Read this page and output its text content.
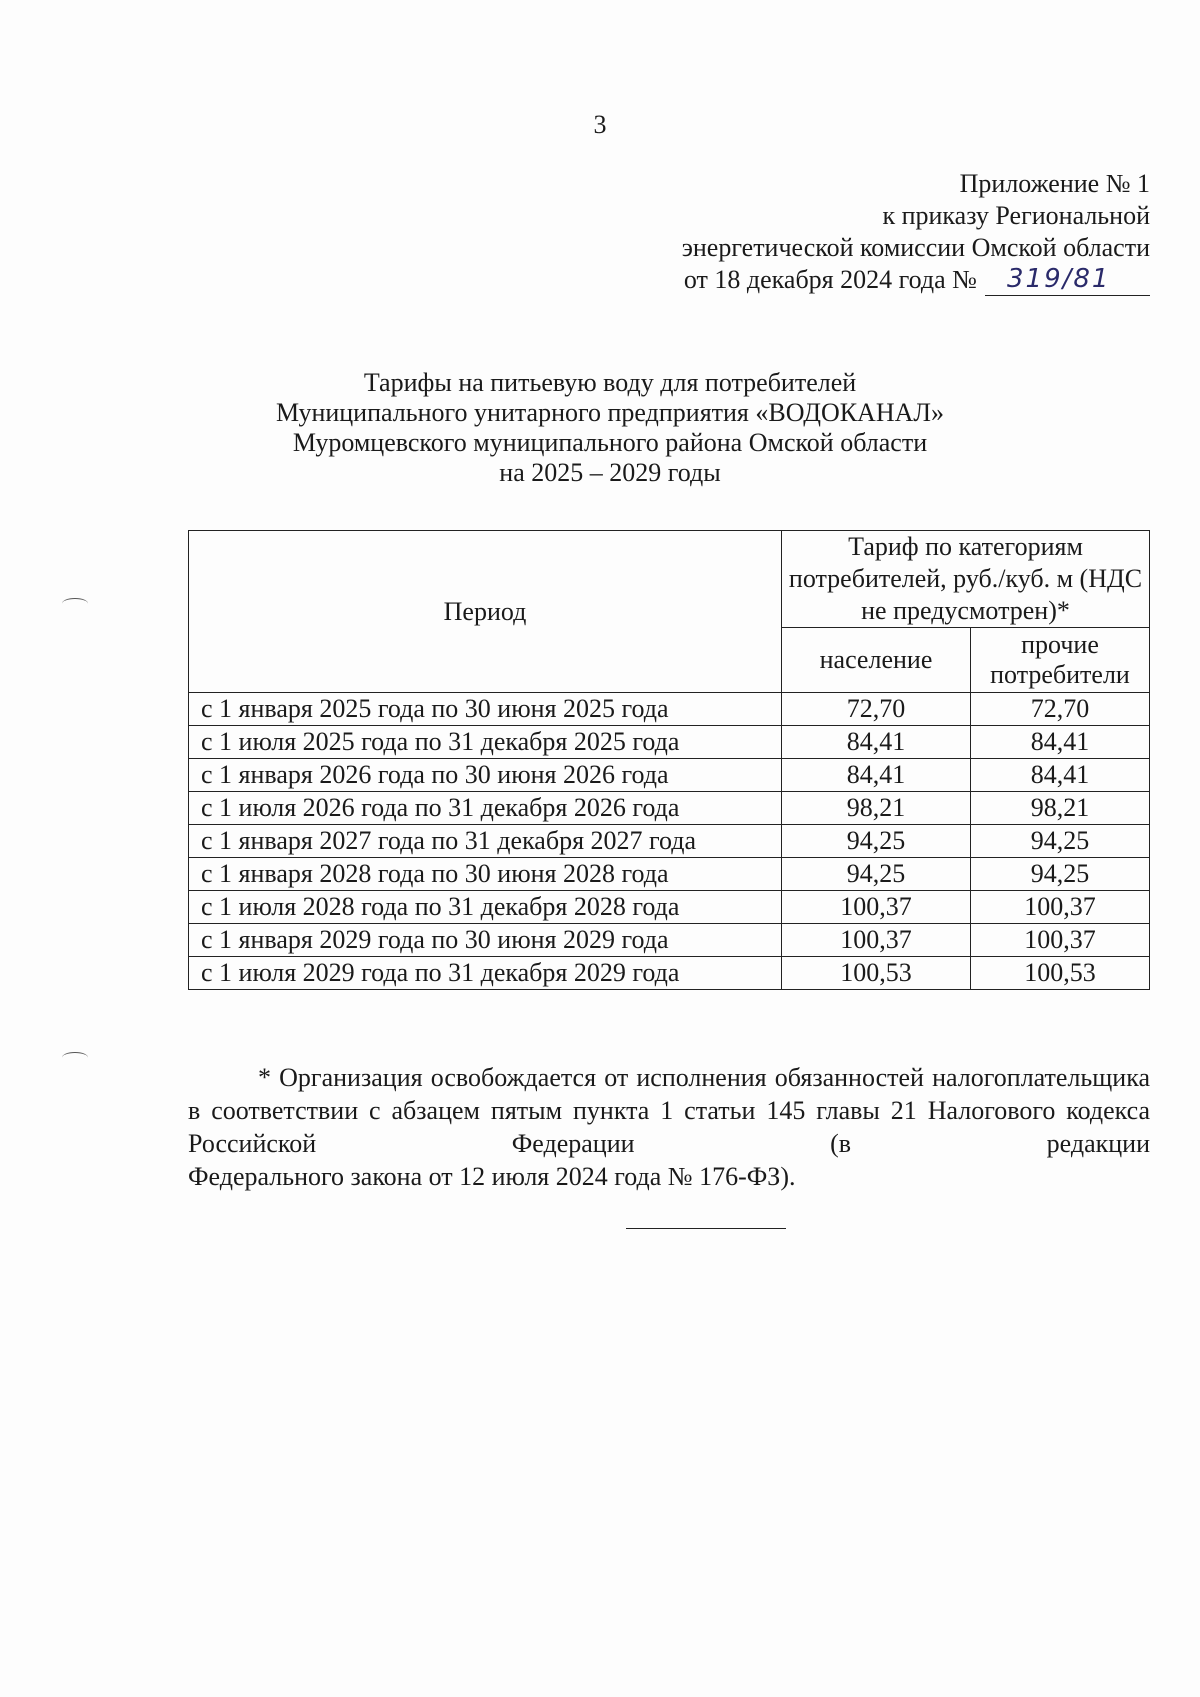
3
Приложение № 1
к приказу Региональной
энергетической комиссии Омской области
от 18 декабря 2024 года № 319/81
Тарифы на питьевую воду для потребителей
Муниципального унитарного предприятия «ВОДОКАНАЛ»
Муромцевского муниципального района Омской области
на 2025 – 2029 годы
Период	Тариф по категориям потребителей, руб./куб. м (НДС не предусмотрен)*	
	население	прочие потребители
с 1 января 2025 года по 30 июня 2025 года	72,70	72,70
с 1 июля 2025 года по 31 декабря 2025 года	84,41	84,41
с 1 января 2026 года по 30 июня 2026 года	84,41	84,41
с 1 июля 2026 года по 31 декабря 2026 года	98,21	98,21
с 1 января 2027 года по 31 декабря 2027 года	94,25	94,25
с 1 января 2028 года по 30 июня 2028 года	94,25	94,25
с 1 июля 2028 года по 31 декабря 2028 года	100,37	100,37
с 1 января 2029 года по 30 июня 2029 года	100,37	100,37
с 1 июля 2029 года по 31 декабря 2029 года	100,53	100,53

* Организация освобождается от исполнения обязанностей налогоплательщика в соответствии с абзацем пятым пункта 1 статьи 145 главы 21 Налогового кодекса Российской Федерации (в редакции

Федерального закона от 12 июля 2024 года № 176-ФЗ).
